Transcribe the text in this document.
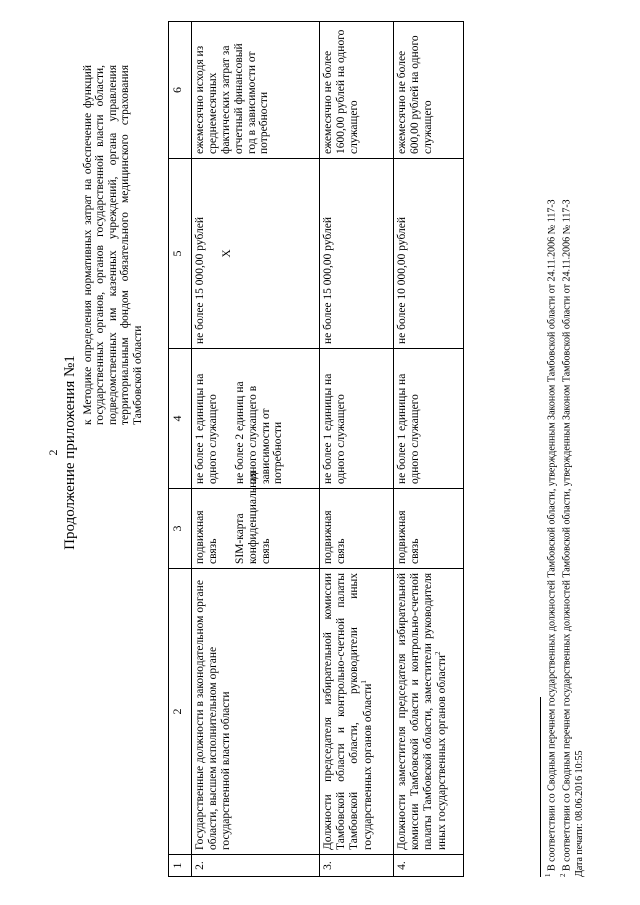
2 Продолжение приложения №1
к Методике определения нормативных затрат на обеспечение функций государственных органов, органов государственной власти области, подведомственных им казенных учреждений, органа управления территориальным фондом обязательного медицинского страхования Тамбовской области
1	2	3	4	5	6
2.	Государственные должности в законодательном органе области, высшем исполнительном органе государственной власти области	подвижная связь SIM-карта конфиденциальная связь	не более 1 единицы на одного служащего не более 2 единиц на одного служащего в зависимости от потребности	не более 15 000,00 рублей Х	ежемесячно исходя из среднемесячных фактических затрат за отчетный финансовый год в зависимости от потребности
3.	Должности председателя избирательной комиссии Тамбовской области и контрольно-счетной палаты Тамбовской области, руководители иных государственных органов области$^1$	подвижная связь	не более 1 единицы на одного служащего	не более 15 000,00 рублей	ежемесячно не более 1600,00 рублей на одного служащего
4.	Должности заместителя председателя избирательной комиссии Тамбовской области и контрольно-счетной палаты Тамбовской области, заместители руководителя иных государственных органов области$^2$	подвижная связь	не более 1 единицы на одного служащего	не более 10 000,00 рублей	ежемесячно не более 600,00 рублей на одного служащего
$^1$ В соответствии со Сводным перечнем государственных должностей Тамбовской области, утвержденным Законом Тамбовской области от 24.11.2006 № 117-З
$^2$ В соответствии со Сводным перечнем государственных должностей Тамбовской области, утвержденным Законом Тамбовской области от 24.11.2006 № 117-З Дата печати: 08.06.2016 10:55
